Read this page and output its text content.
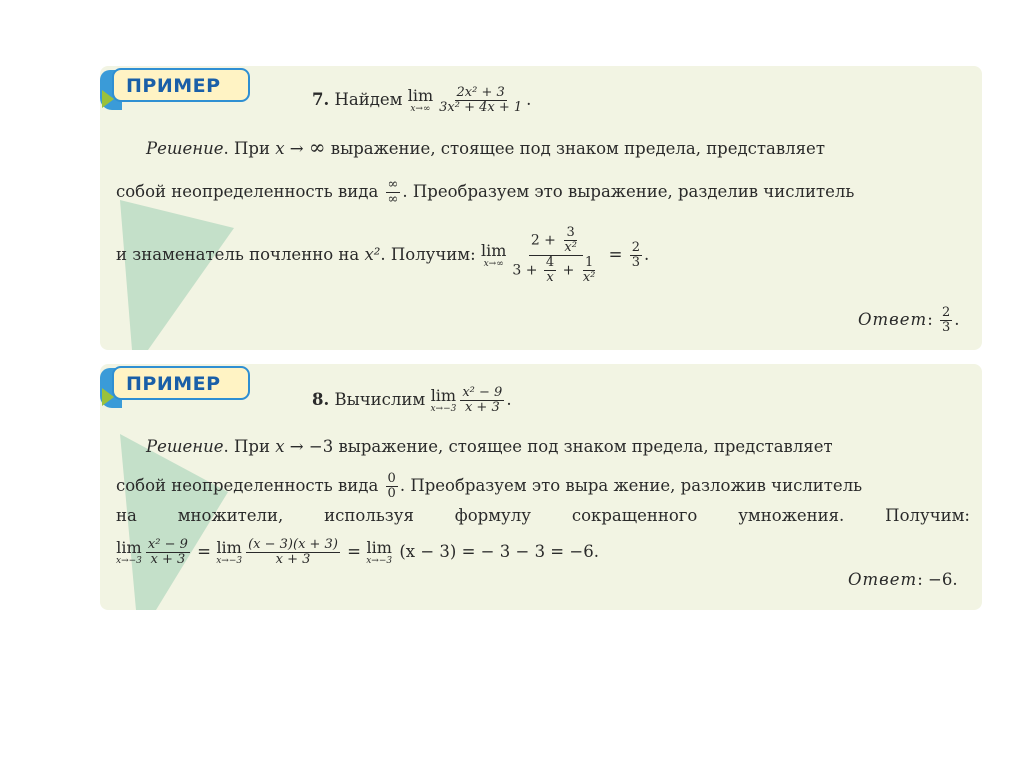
ПРИМЕР
7. Найдем lim
$x\to\infty \frac{\text{2x² + 3}}{\text{3x² + 4x + 1}}$ .
Решение. При x → ∞ выражение, стоящее под знаком предела, представляет
собой неопределенность вида $\frac{\infty}{\infty}$ . Преобразуем это выражение, разделив числитель
и знаменатель почленно на x². Получим: lim
$x\to\infty \frac{2 + \frac{3}{\text{x²}}}{3 + \frac{4}{x} + \frac{1}{\text{x²}}} = \frac{2}{3}$ .
Ответ: $\frac{2}{3}$ .
ПРИМЕР
8. Вычислим lim
$x\to-3 \frac{\text{x² − 9}}{x + 3}$ .
Решение. При x → −3 выражение, стоящее под знаком предела, представляет
собой неопределенность вида $\frac{0}{0}$ . Преобразуем это выра жение, разложив числитель
на множители, используя формулу сокращенного умножения. Получим:
lim
$x\to-3 \frac{\text{x² − 9}}{x + 3} = \lim$
$x\to-3 \frac{(x - 3)(x + 3)}{x + 3} = \lim$
x→−3 (x − 3) = − 3 − 3 = −6.
Ответ: −6.
